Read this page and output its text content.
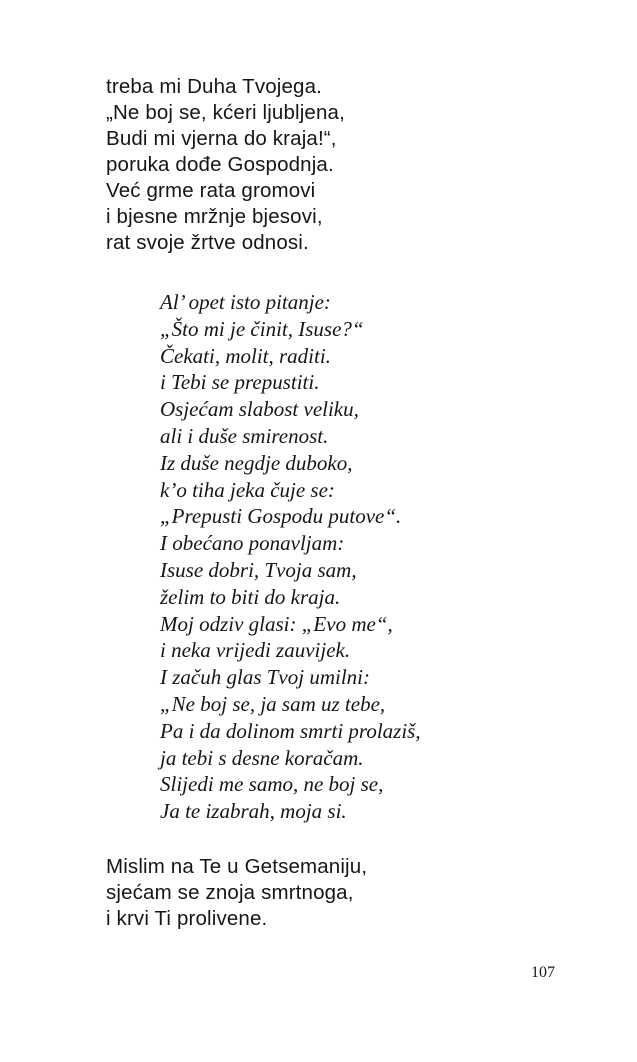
treba mi Duha Tvojega.
„Ne boj se, kćeri ljubljena,
Budi mi vjerna do kraja!“,
poruka dođe Gospodnja.
Već grme rata gromovi
i bjesne mržnje bjesovi,
rat svoje žrtve odnosi.
Al’ opet isto pitanje:
„Što mi je činit, Isuse?“
Čekati, molit, raditi.
i Tebi se prepustiti.
Osjećam slabost veliku,
ali i duše smirenost.
Iz duše negdje duboko,
k’o tiha jeka čuje se:
„Prepusti Gospodu putove“.
I obećano ponavljam:
Isuse dobri, Tvoja sam,
želim to biti do kraja.
Moj odziv glasi: „Evo me“,
i neka vrijedi zauvijek.
I začuh glas Tvoj umilni:
„Ne boj se, ja sam uz tebe,
Pa i da dolinom smrti prolaziš,
ja tebi s desne koračam.
Slijedi me samo, ne boj se,
Ja te izabrah, moja si.
Mislim na Te u Getsemaniju,
sjećam se znoja smrtnoga,
i krvi Ti prolivene.
107
